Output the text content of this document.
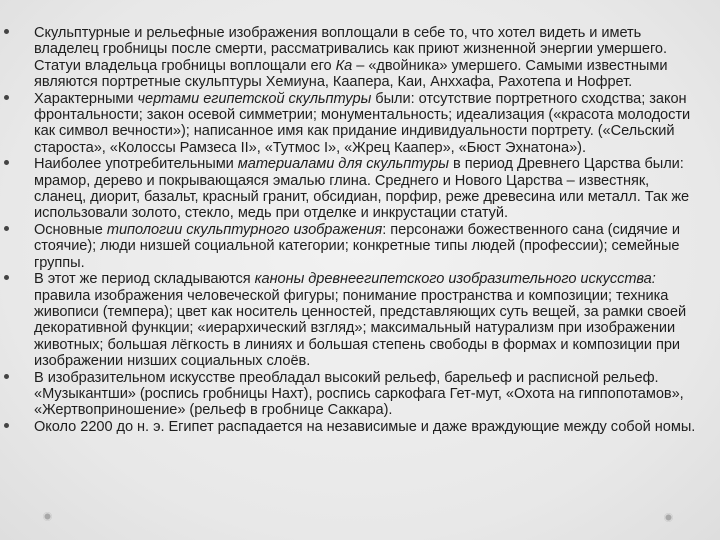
Скульптурные и рельефные изображения воплощали в себе то, что хотел видеть и иметь владелец гробницы после смерти, рассматривались как приют жизненной энергии умершего. Статуи владельца гробницы воплощали его Ка – «двойника» умершего. Самыми известными являются портретные скульптуры Хемиуна, Каапера, Каи, Анххафа, Рахотепа и Нофрет.
Характерными чертами египетской скульптуры были: отсутствие портретного сходства; закон фронтальности; закон осевой симметрии; монументальность; идеализация («красота молодости как символ вечности»); написанное имя как придание индивидуальности портрету. («Сельский староста», «Колоссы Рамзеса II», «Тутмос I», «Жрец Каапер», «Бюст Эхнатона»).
Наиболее употребительными материалами для скульптуры в период Древнего Царства были: мрамор, дерево и покрывающаяся эмалью глина. Среднего и Нового Царства – известняк, сланец, диорит, базальт, красный гранит, обсидиан, порфир, реже древесина или металл. Так же использовали золото, стекло, медь при отделке и инкрустации статуй.
Основные типологии скульптурного изображения: персонажи божественного сана (сидячие и стоячие); люди низшей социальной категории; конкретные типы людей (профессии); семейные группы.
В этот же период складываются каноны древнеегипетского изобразительного искусства: правила изображения человеческой фигуры; понимание пространства и композиции; техника живописи (темпера); цвет как носитель ценностей, представляющих суть вещей, за рамки своей декоративной функции; «иерархический взгляд»; максимальный натурализм при изображении животных; большая лёгкость в линиях и большая степень свободы в формах и композиции при изображении низших социальных слоёв.
В изобразительном искусстве преобладал высокий рельеф, барельеф и расписной рельеф. «Музыкантши» (роспись гробницы Нахт), роспись саркофага Гет-мут, «Охота на гиппопотамов», «Жертвоприношение» (рельеф в гробнице Саккара).
Около 2200 до н. э. Египет распадается на независимые и даже враждующие между собой номы.
